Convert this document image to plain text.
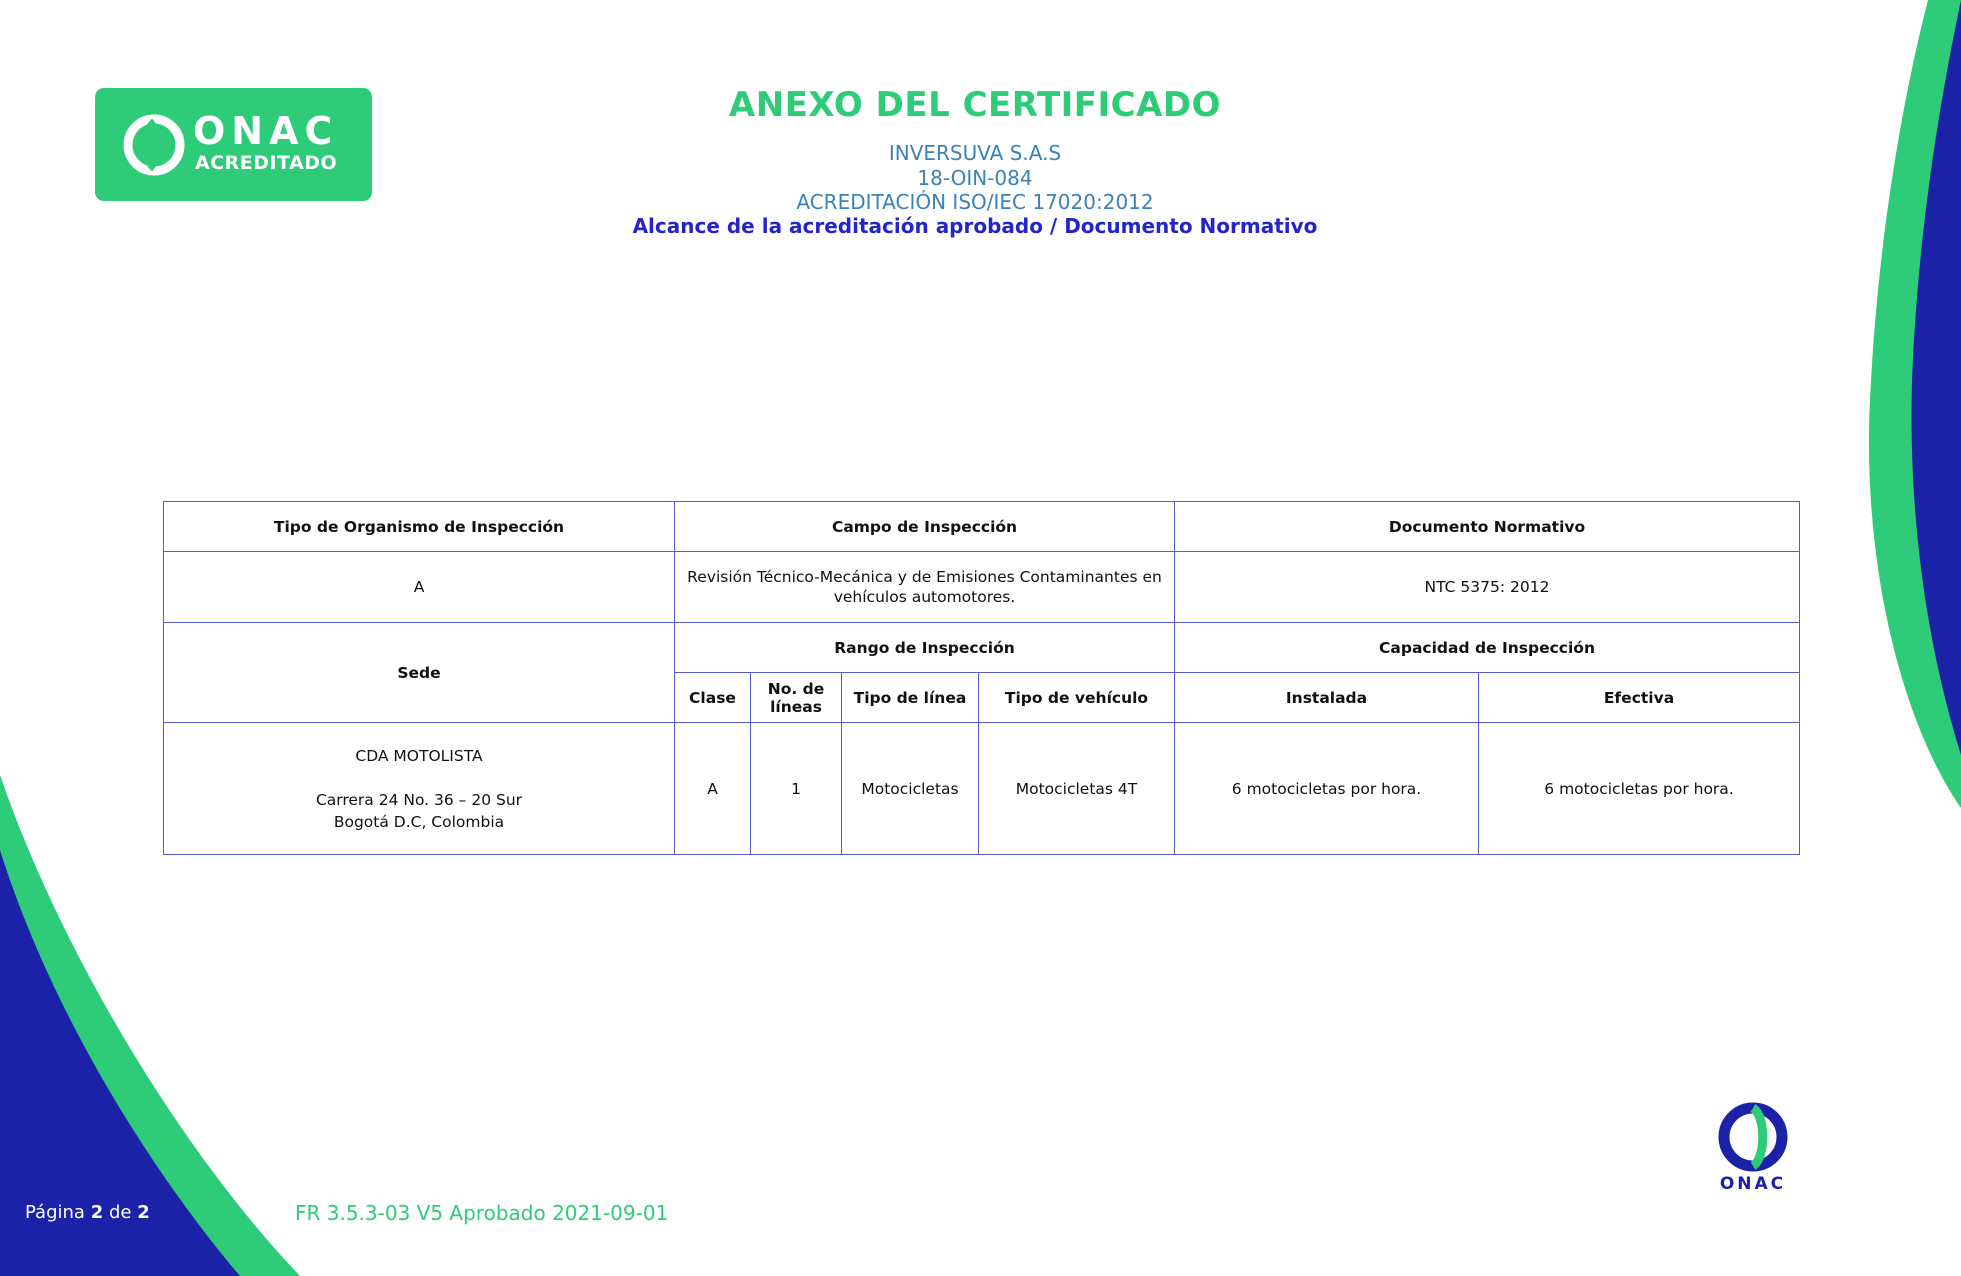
ONAC
ACREDITADO
ANEXO DEL CERTIFICADO
INVERSUVA S.A.S
18-OIN-084
ACREDITACIÓN ISO/IEC 17020:2012
Alcance de la acreditación aprobado / Documento Normativo
Tipo de Organismo de Inspección	Campo de Inspección				Documento Normativo	
A	Revisión Técnico-Mecánica y de Emisiones Contaminantes en vehículos automotores.				NTC 5375: 2012	
Sede	Rango de Inspección				Capacidad de Inspección	
	Clase	No. de líneas	Tipo de línea	Tipo de vehículo	Instalada	Efectiva

CDA MOTOLISTA
Carrera 24 No. 36 – 20 Sur
Bogotá D.C, Colombia	A	1	Motocicletas	Motocicletas 4T	6 motocicletas por hora.	6 motocicletas por hora.
Página 2 de 2	FR 3.5.3-03 V5 Aprobado 2021-09-01
ONAC
